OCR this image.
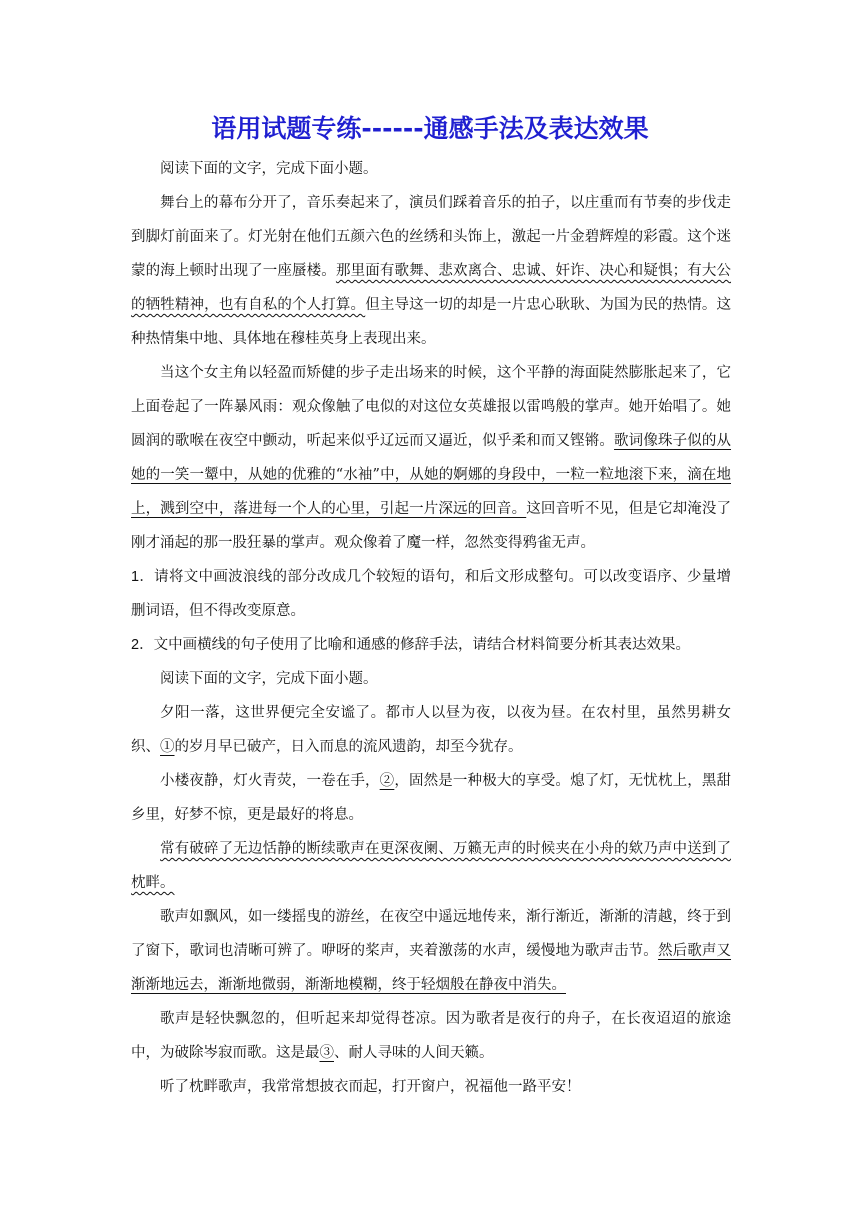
语用试题专练------通感手法及表达效果

阅读下面的文字，完成下面小题。

舞台上的幕布分开了，音乐奏起来了，演员们踩着音乐的拍子，以庄重而有节奏的步伐走到脚灯前面来了。灯光射在他们五颜六色的丝绣和头饰上，激起一片金碧辉煌的彩霞。这个迷蒙的海上顿时出现了一座蜃楼。那里面有歌舞、悲欢离合、忠诚、奸诈、决心和疑惧；有大公的牺牲精神，也有自私的个人打算。但主导这一切的却是一片忠心耿耿、为国为民的热情。这种热情集中地、具体地在穆桂英身上表现出来。

当这个女主角以轻盈而矫健的步子走出场来的时候，这个平静的海面陡然膨胀起来了，它上面卷起了一阵暴风雨：观众像触了电似的对这位女英雄报以雷鸣般的掌声。她开始唱了。她圆润的歌喉在夜空中颤动，听起来似乎辽远而又逼近，似乎柔和而又铿锵。歌词像珠子似的从她的一笑一颦中，从她的优雅的“水袖”中，从她的婀娜的身段中，一粒一粒地滚下来，滴在地上，溅到空中，落进每一个人的心里，引起一片深远的回音。这回音听不见，但是它却淹没了刚才涌起的那一股狂暴的掌声。观众像着了魔一样，忽然变得鸦雀无声。

1．请将文中画波浪线的部分改成几个较短的语句，和后文形成整句。可以改变语序、少量增删词语，但不得改变原意。

2．文中画横线的句子使用了比喻和通感的修辞手法，请结合材料简要分析其表达效果。

阅读下面的文字，完成下面小题。

夕阳一落，这世界便完全安谧了。都市人以昼为夜，以夜为昼。在农村里，虽然男耕女织、①的岁月早已破产，日入而息的流风遗韵，却至今犹存。

小楼夜静，灯火青荧，一卷在手，②，固然是一种极大的享受。熄了灯，无忧枕上，黑甜乡里，好梦不惊，更是最好的将息。

常有破碎了无边恬静的断续歌声在更深夜阑、万籁无声的时候夹在小舟的欸乃声中送到了枕畔。

歌声如飘风，如一缕摇曳的游丝，在夜空中遥远地传来，渐行渐近，渐渐的清越，终于到了窗下，歌词也清晰可辨了。咿呀的桨声，夹着激荡的水声，缓慢地为歌声击节。然后歌声又渐渐地远去，渐渐地微弱，渐渐地模糊，终于轻烟般在静夜中消失。

歌声是轻快飘忽的，但听起来却觉得苍凉。因为歌者是夜行的舟子，在长夜迢迢的旅途中，为破除岑寂而歌。这是最③、耐人寻味的人间天籁。

听了枕畔歌声，我常常想披衣而起，打开窗户，祝福他一路平安！
